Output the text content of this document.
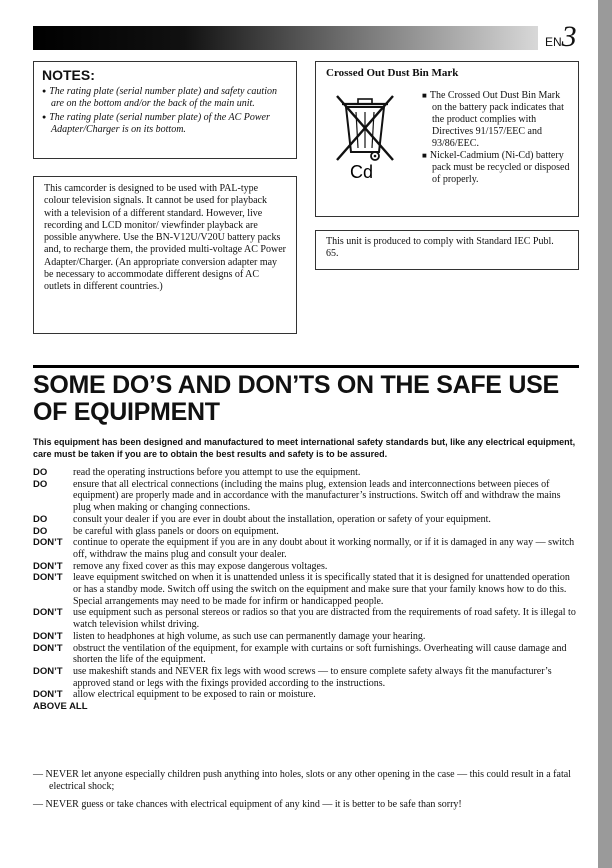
EN3
NOTES:
● The rating plate (serial number plate) and safety caution are on the bottom and/or the back of the main unit.
● The rating plate (serial number plate) of the AC Power Adapter/Charger is on its bottom.
This camcorder is designed to be used with PAL-type colour television signals. It cannot be used for playback with a television of a different standard. However, live recording and LCD monitor/ viewfinder playback are possible anywhere. Use the BN-V12U/V20U battery packs and, to recharge them, the provided multi-voltage AC Power Adapter/Charger. (An appropriate conversion adapter may be necessary to accommodate different designs of AC outlets in different countries.)
Crossed Out Dust Bin Mark
Cd
■ The Crossed Out Dust Bin Mark on the battery pack indicates that the product complies with Directives 91/157/EEC and 93/86/EEC.
■ Nickel-Cadmium (Ni-Cd) battery pack must be recycled or disposed of properly.
This unit is produced to comply with Standard IEC Publ. 65.
SOME DO’S AND DON’TS ON THE SAFE USE OF EQUIPMENT

This equipment has been designed and manufactured to meet international safety standards but, like any electrical equipment, care must be taken if you are to obtain the best results and safety is to be assured.

DO	read the operating instructions before you attempt to use the equipment.
DO	ensure that all electrical connections (including the mains plug, extension leads and interconnections between pieces of equipment) are properly made and in accordance with the manufacturer’s instructions. Switch off and withdraw the mains plug when making or changing connections.
DO	consult your dealer if you are ever in doubt about the installation, operation or safety of your equipment.
DO	be careful with glass panels or doors on equipment.
DON’T	continue to operate the equipment if you are in any doubt about it working normally, or if it is damaged in any way — switch off, withdraw the mains plug and consult your dealer.
DON’T	remove any fixed cover as this may expose dangerous voltages.
DON’T	leave equipment switched on when it is unattended unless it is specifically stated that it is designed for unattended operation or has a standby mode. Switch off using the switch on the equipment and make sure that your family knows how to do this. Special arrangements may need to be made for infirm or handicapped people.
DON’T	use equipment such as personal stereos or radios so that you are distracted from the requirements of road safety. It is illegal to watch television whilst driving.
DON’T	listen to headphones at high volume, as such use can permanently damage your hearing.
DON’T	obstruct the ventilation of the equipment, for example with curtains or soft furnishings. Overheating will cause damage and shorten the life of the equipment.
DON’T	use makeshift stands and NEVER fix legs with wood screws — to ensure complete safety always fit the manufacturer’s approved stand or legs with the fixings provided according to the instructions.
DON’T	allow electrical equipment to be exposed to rain or moisture.
ABOVE ALL
— NEVER let anyone especially children push anything into holes, slots or any other opening in the case — this could result in a fatal electrical shock;
— NEVER guess or take chances with electrical equipment of any kind — it is better to be safe than sorry!
